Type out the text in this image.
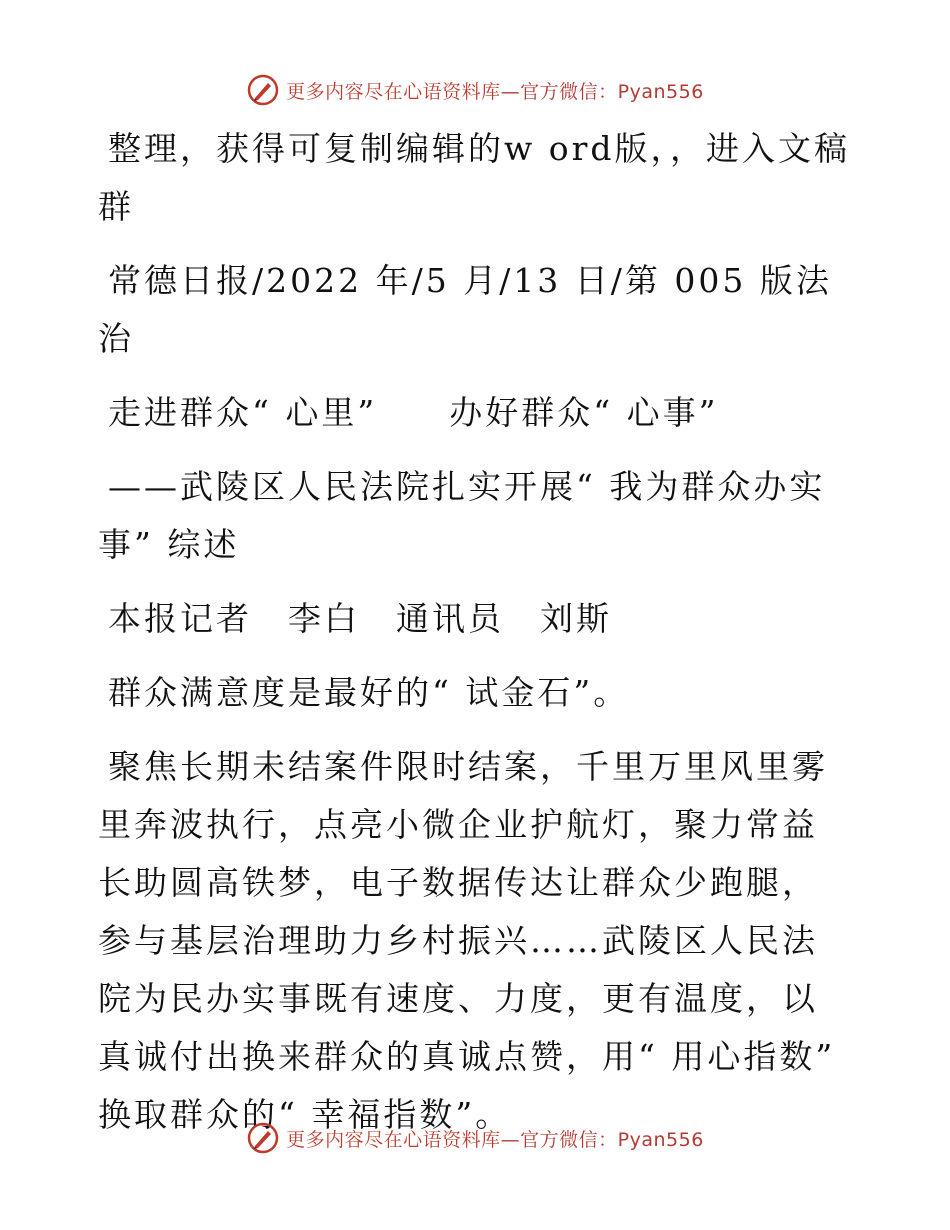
更多内容尽在心语资料库 —官方微信：Pyan556

整理，获得可复制编辑的w ord版，，进入文稿群

常德日报/2022 年/5 月/13 日/第 005 版法治

走进群众“ 心里”　　办好群众“ 心事”

——武陵区人民法院扎实开展“ 我为群众办实事” 综述

本报记者　李白　通讯员　刘斯

群众满意度是最好的“ 试金石”。

聚焦长期未结案件限时结案，千里万里风里雾里奔波执行，点亮小微企业护航灯，聚力常益长助圆高铁梦，电子数据传达让群众少跑腿，参与基层治理助力乡村振兴……武陵区人民法院为民办实事既有速度、力度，更有温度，以真诚付出换来群众的真诚点赞，用“ 用心指数” 换取群众的“ 幸福指数”。

更多内容尽在心语资料库 —官方微信：Pyan556
